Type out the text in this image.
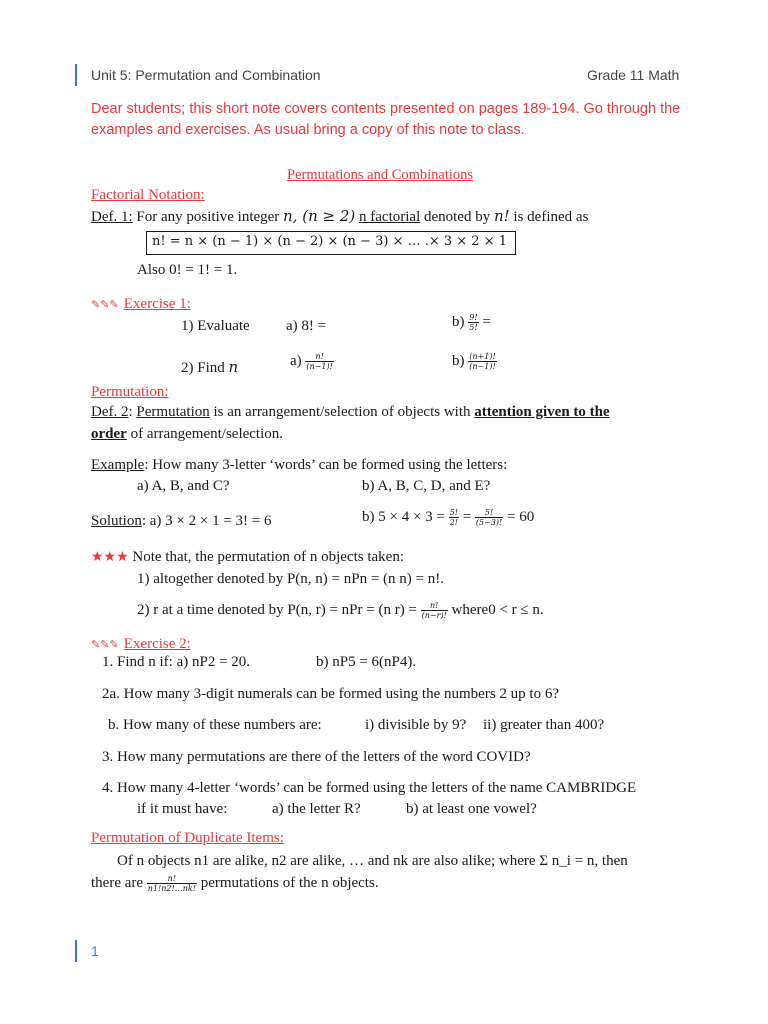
Unit 5: Permutation and Combination	Grade 11 Math
Dear students; this short note covers contents presented on pages 189-194. Go through the
examples and exercises. As usual bring a copy of this note to class.
Permutations and Combinations
Factorial Notation:
Def. 1: For any positive integer n, (n ≥ 2) n factorial denoted by n! is defined as
n! = n × (n − 1) × (n − 2) × (n − 3) × … .× 3 × 2 × 1
Also 0! = 1! = 1.
✎✎✎ Exercise 1:
1) Evaluate a) 8! =	$b) \frac{9!}{5!}$ =
2) Find n	$a) \frac{n!}{(n-1)!}$	$b) \frac{(n+1)!}{(n-1)!}$
Permutation:
Def. 2: Permutation is an arrangement/selection of objects with attention given to the
order of arrangement/selection.
Example: How many 3-letter ‘words’ can be formed using the letters:
a) A, B, and C?	b) A, B, C, D, and E?
Solution: a) 3 × 2 × 1 = 3! = 6	b) $5 \times 4 \times 3 = \frac{5!}{2!} = \frac{5!}{(5-3)!} = 60$
★★★ Note that, the permutation of n objects taken:
1) altogether denoted by P(n, n) = nPn = (n n) = n!.
2) r at a time denoted by P(n, r) = nPr = (n $r) = \frac{n!}{(n-r)!}$ where0 < r ≤ n.
✎✎✎ Exercise 2:
1. Find n if: a) nP2 = 20.	b) nP5 = 6(nP4).
2a. How many 3-digit numerals can be formed using the numbers 2 up to 6?
b. How many of these numbers are:	i) divisible by 9? ii) greater than 400?
3. How many permutations are there of the letters of the word COVID?
4. How many 4-letter ‘words’ can be formed using the letters of the name CAMBRIDGE
if it must have:	a) the letter R?	b) at least one vowel?
Permutation of Duplicate Items:
Of n objects n1 are alike, n2 are alike, … and nk are also alike; where Σ n_i = n, then
there are $\frac{n!}{n1!n2!\dots nk!}$ permutations of the n objects.
1
